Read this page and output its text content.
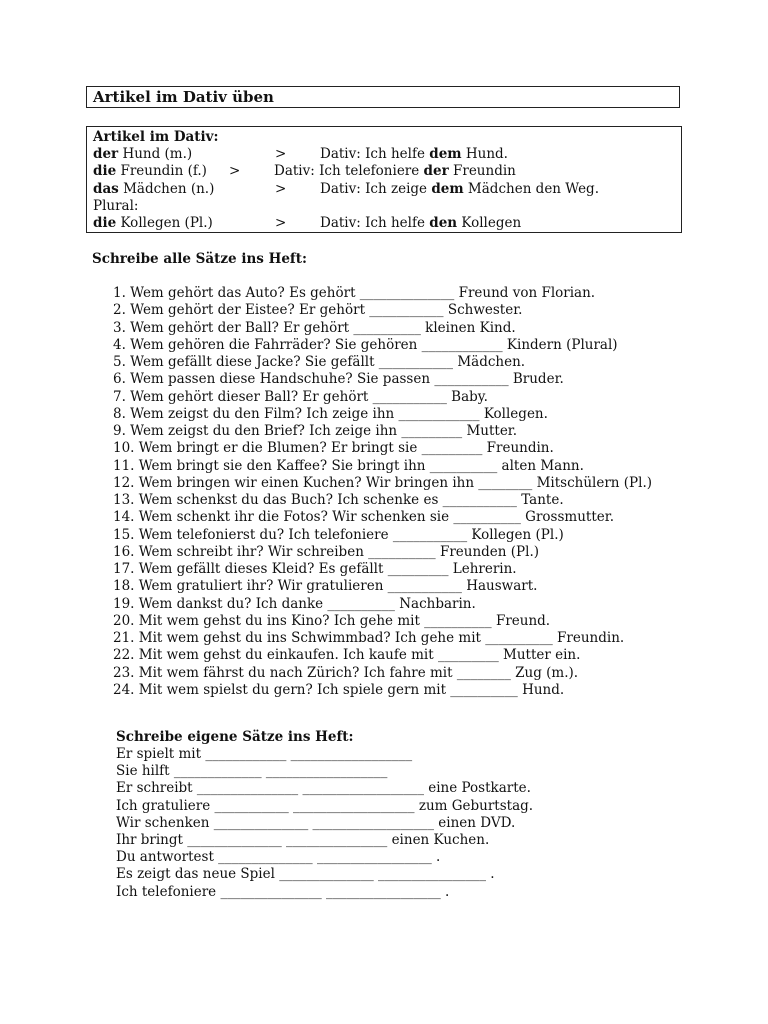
Artikel im Dativ üben
Artikel im Dativ:
der Hund (m.)	> Dativ: Ich helfe dem Hund.
die Freundin (f.) > Dativ: Ich telefoniere der Freundin
das Mädchen (n.)	> Dativ: Ich zeige dem Mädchen den Weg.
Plural:
die Kollegen (Pl.)	> Dativ: Ich helfe den Kollegen
Schreibe alle Sätze ins Heft:
1. Wem gehört das Auto? Es gehört ______________ Freund von Florian.
2. Wem gehört der Eistee? Er gehört ___________ Schwester.
3. Wem gehört der Ball? Er gehört __________ kleinen Kind.
4. Wem gehören die Fahrräder? Sie gehören ____________ Kindern (Plural)
5. Wem gefällt diese Jacke? Sie gefällt ___________ Mädchen.
6. Wem passen diese Handschuhe? Sie passen ___________ Bruder.
7. Wem gehört dieser Ball? Er gehört ___________ Baby.
8. Wem zeigst du den Film? Ich zeige ihn ____________ Kollegen.
9. Wem zeigst du den Brief? Ich zeige ihn _________ Mutter.
10. Wem bringt er die Blumen? Er bringt sie _________ Freundin.
11. Wem bringt sie den Kaffee? Sie bringt ihn __________ alten Mann.
12. Wem bringen wir einen Kuchen? Wir bringen ihn ________ Mitschülern (Pl.)
13. Wem schenkst du das Buch? Ich schenke es ___________ Tante.
14. Wem schenkt ihr die Fotos? Wir schenken sie __________ Grossmutter.
15. Wem telefonierst du? Ich telefoniere ___________ Kollegen (Pl.)
16. Wem schreibt ihr? Wir schreiben __________ Freunden (Pl.)
17. Wem gefällt dieses Kleid? Es gefällt _________ Lehrerin.
18. Wem gratuliert ihr? Wir gratulieren ___________ Hauswart.
19. Wem dankst du? Ich danke __________ Nachbarin.
20. Mit wem gehst du ins Kino? Ich gehe mit __________ Freund.
21. Mit wem gehst du ins Schwimmbad? Ich gehe mit __________ Freundin.
22. Mit wem gehst du einkaufen. Ich kaufe mit _________ Mutter ein.
23. Mit wem fährst du nach Zürich? Ich fahre mit ________ Zug (m.).
24. Mit wem spielst du gern? Ich spiele gern mit __________ Hund.
Schreibe eigene Sätze ins Heft:
Er spielt mit ____________ __________________
Sie hilft _____________ __________________
Er schreibt _______________ __________________ eine Postkarte.
Ich gratuliere ___________ __________________ zum Geburtstag.
Wir schenken ______________ __________________ einen DVD.
Ihr bringt ______________ _______________ einen Kuchen.
Du antwortest ______________ _________________ .
Es zeigt das neue Spiel ______________ ________________ .
Ich telefoniere _______________ _________________ .
